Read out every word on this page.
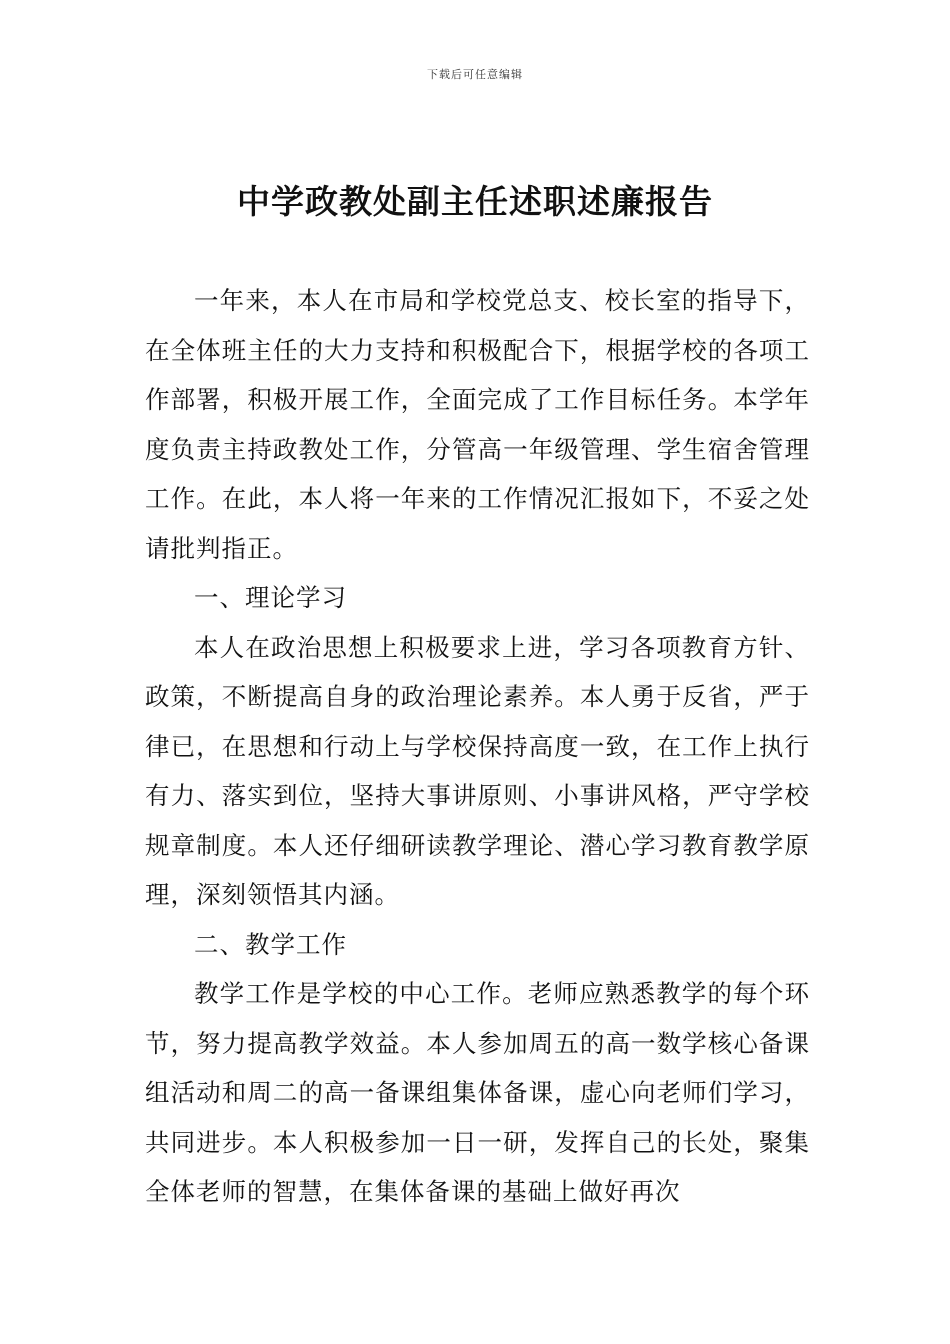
下载后可任意编辑
中学政教处副主任述职述廉报告

一年来，本人在市局和学校党总支、校长室的指导下，在全体班主任的大力支持和积极配合下，根据学校的各项工作部署，积极开展工作，全面完成了工作目标任务。本学年度负责主持政教处工作，分管高一年级管理、学生宿舍管理工作。在此，本人将一年来的工作情况汇报如下，不妥之处请批判指正。

一、理论学习

本人在政治思想上积极要求上进，学习各项教育方针、政策，不断提高自身的政治理论素养。本人勇于反省，严于律已，在思想和行动上与学校保持高度一致，在工作上执行有力、落实到位，坚持大事讲原则、小事讲风格，严守学校规章制度。本人还仔细研读教学理论、潜心学习教育教学原理，深刻领悟其内涵。

二、教学工作

教学工作是学校的中心工作。老师应熟悉教学的每个环节，努力提高教学效益。本人参加周五的高一数学核心备课组活动和周二的高一备课组集体备课，虚心向老师们学习，共同进步。本人积极参加一日一研，发挥自己的长处，聚集全体老师的智慧，在集体备课的基础上做好再次
